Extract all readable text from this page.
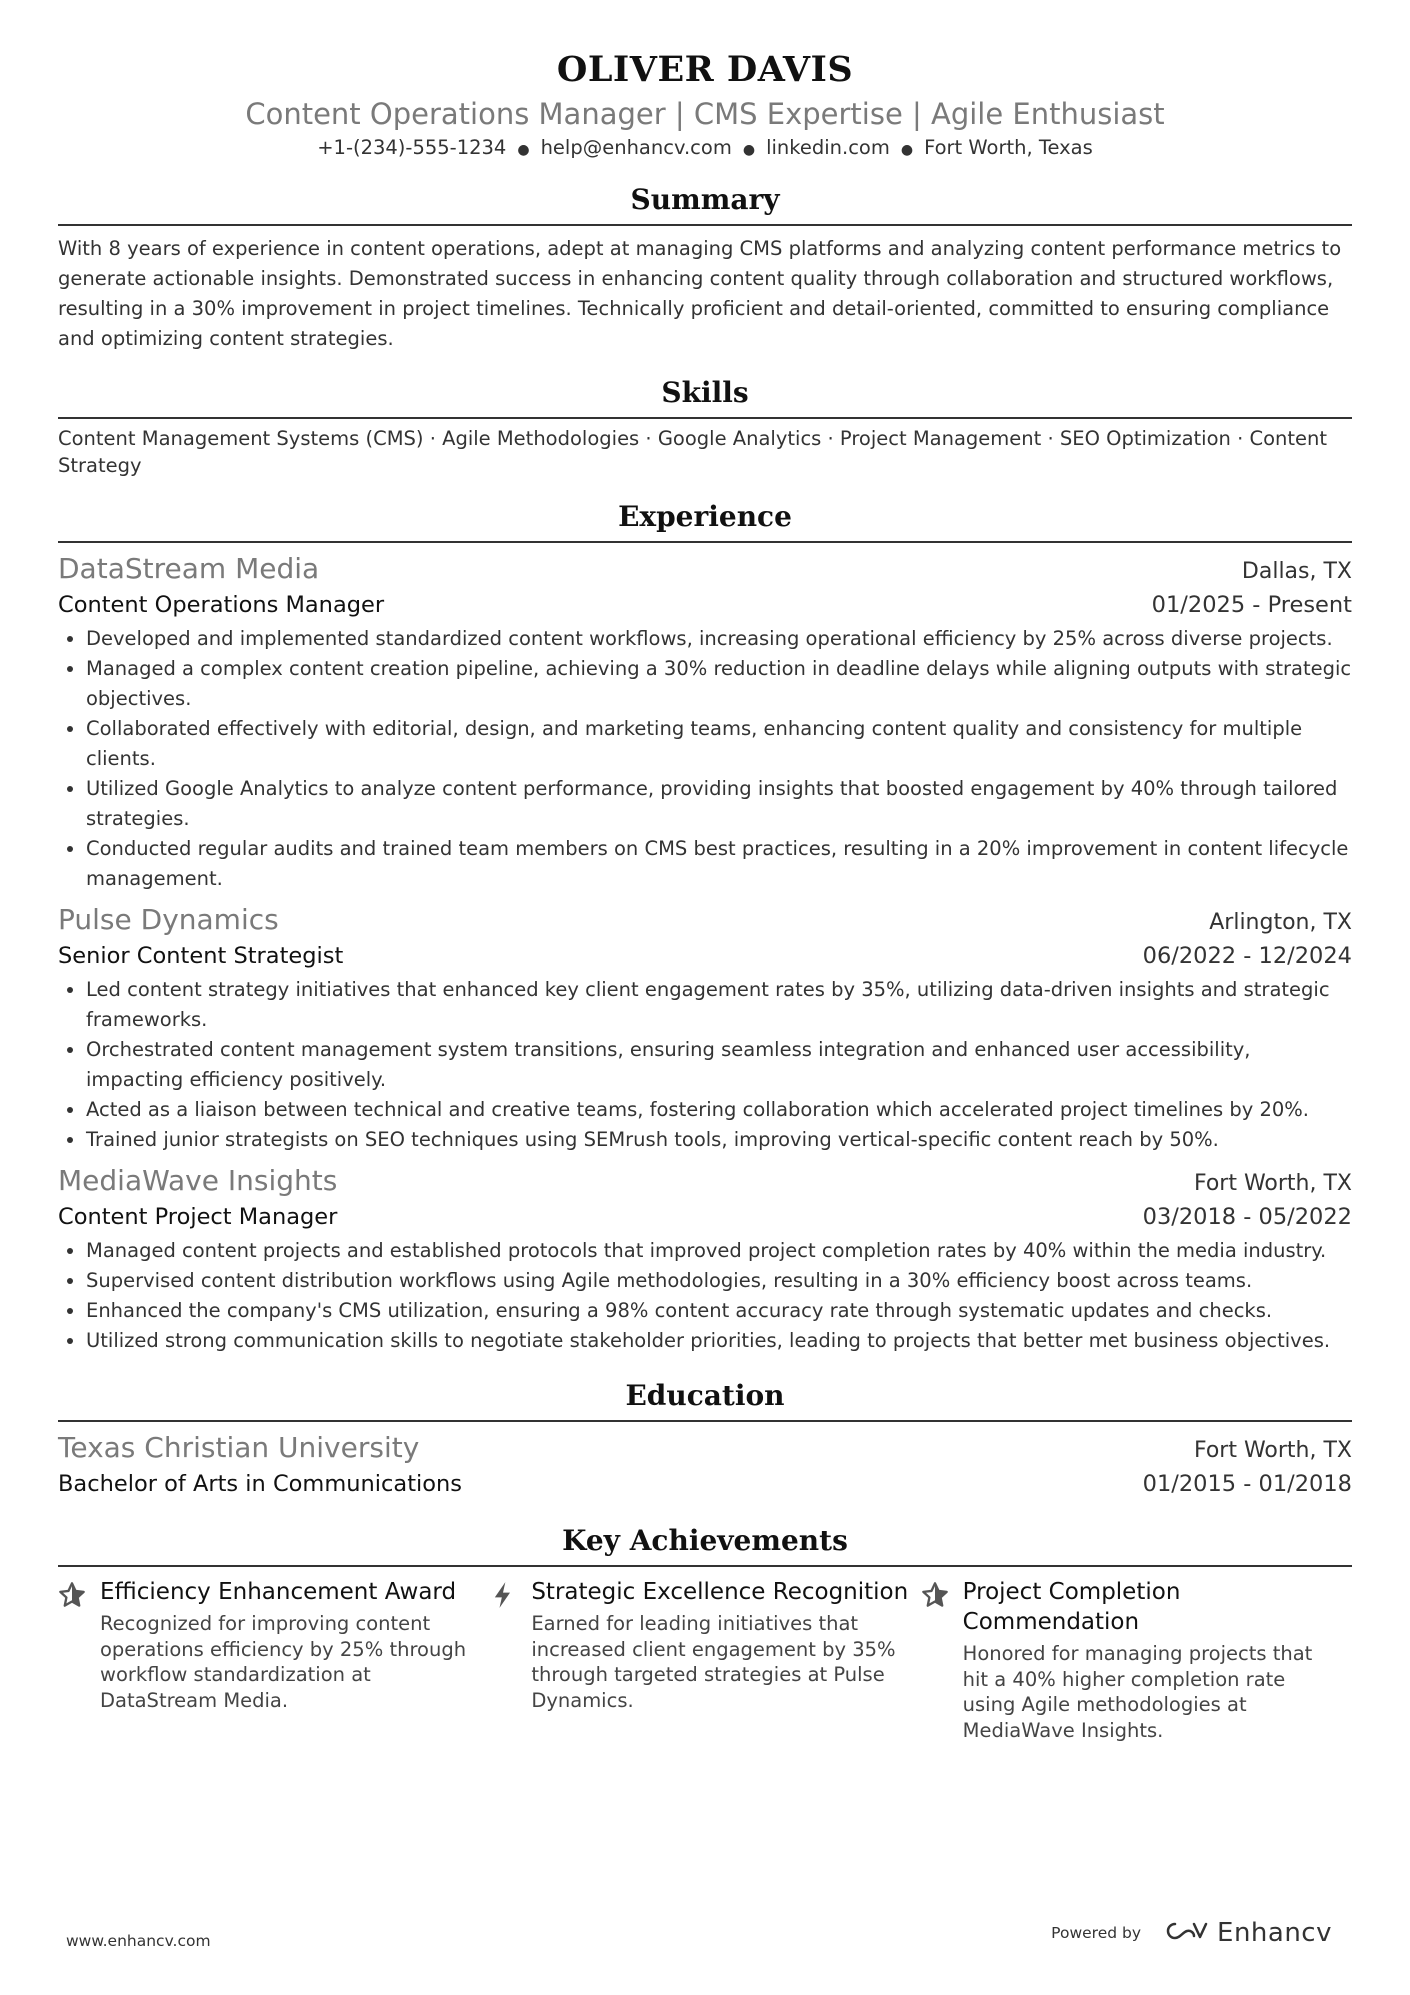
OLIVER DAVIS
Content Operations Manager | CMS Expertise | Agile Enthusiast
+1-(234)-555-1234 ● help@enhancv.com ● linkedin.com ● Fort Worth, Texas
Summary
With 8 years of experience in content operations, adept at managing CMS platforms and analyzing content performance metrics to generate actionable insights. Demonstrated success in enhancing content quality through collaboration and structured workflows, resulting in a 30% improvement in project timelines. Technically proficient and detail-oriented, committed to ensuring compliance and optimizing content strategies.
Skills
Content Management Systems (CMS) · Agile Methodologies · Google Analytics · Project Management · SEO Optimization · Content Strategy
Experience
DataStream Media	Dallas, TX
Content Operations Manager	01/2025 - Present
• Developed and implemented standardized content workflows, increasing operational efficiency by 25% across diverse projects.
• Managed a complex content creation pipeline, achieving a 30% reduction in deadline delays while aligning outputs with strategic objectives.
• Collaborated effectively with editorial, design, and marketing teams, enhancing content quality and consistency for multiple clients.
• Utilized Google Analytics to analyze content performance, providing insights that boosted engagement by 40% through tailored strategies.
• Conducted regular audits and trained team members on CMS best practices, resulting in a 20% improvement in content lifecycle management.
Pulse Dynamics	Arlington, TX
Senior Content Strategist	06/2022 - 12/2024
• Led content strategy initiatives that enhanced key client engagement rates by 35%, utilizing data-driven insights and strategic frameworks.
• Orchestrated content management system transitions, ensuring seamless integration and enhanced user accessibility, impacting efficiency positively.
• Acted as a liaison between technical and creative teams, fostering collaboration which accelerated project timelines by 20%.
• Trained junior strategists on SEO techniques using SEMrush tools, improving vertical-specific content reach by 50%.
MediaWave Insights	Fort Worth, TX
Content Project Manager	03/2018 - 05/2022
• Managed content projects and established protocols that improved project completion rates by 40% within the media industry.
• Supervised content distribution workflows using Agile methodologies, resulting in a 30% efficiency boost across teams.
• Enhanced the company's CMS utilization, ensuring a 98% content accuracy rate through systematic updates and checks.
• Utilized strong communication skills to negotiate stakeholder priorities, leading to projects that better met business objectives.
Education
Texas Christian University	Fort Worth, TX
Bachelor of Arts in Communications	01/2015 - 01/2018
Key Achievements
Efficiency Enhancement Award
Recognized for improving content operations efficiency by 25% through workflow standardization at DataStream Media.
Strategic Excellence Recognition
Earned for leading initiatives that increased client engagement by 35% through targeted strategies at Pulse Dynamics.
Project Completion Commendation
Honored for managing projects that hit a 40% higher completion rate using Agile methodologies at MediaWave Insights.
www.enhancv.com	Powered by	Enhancv
